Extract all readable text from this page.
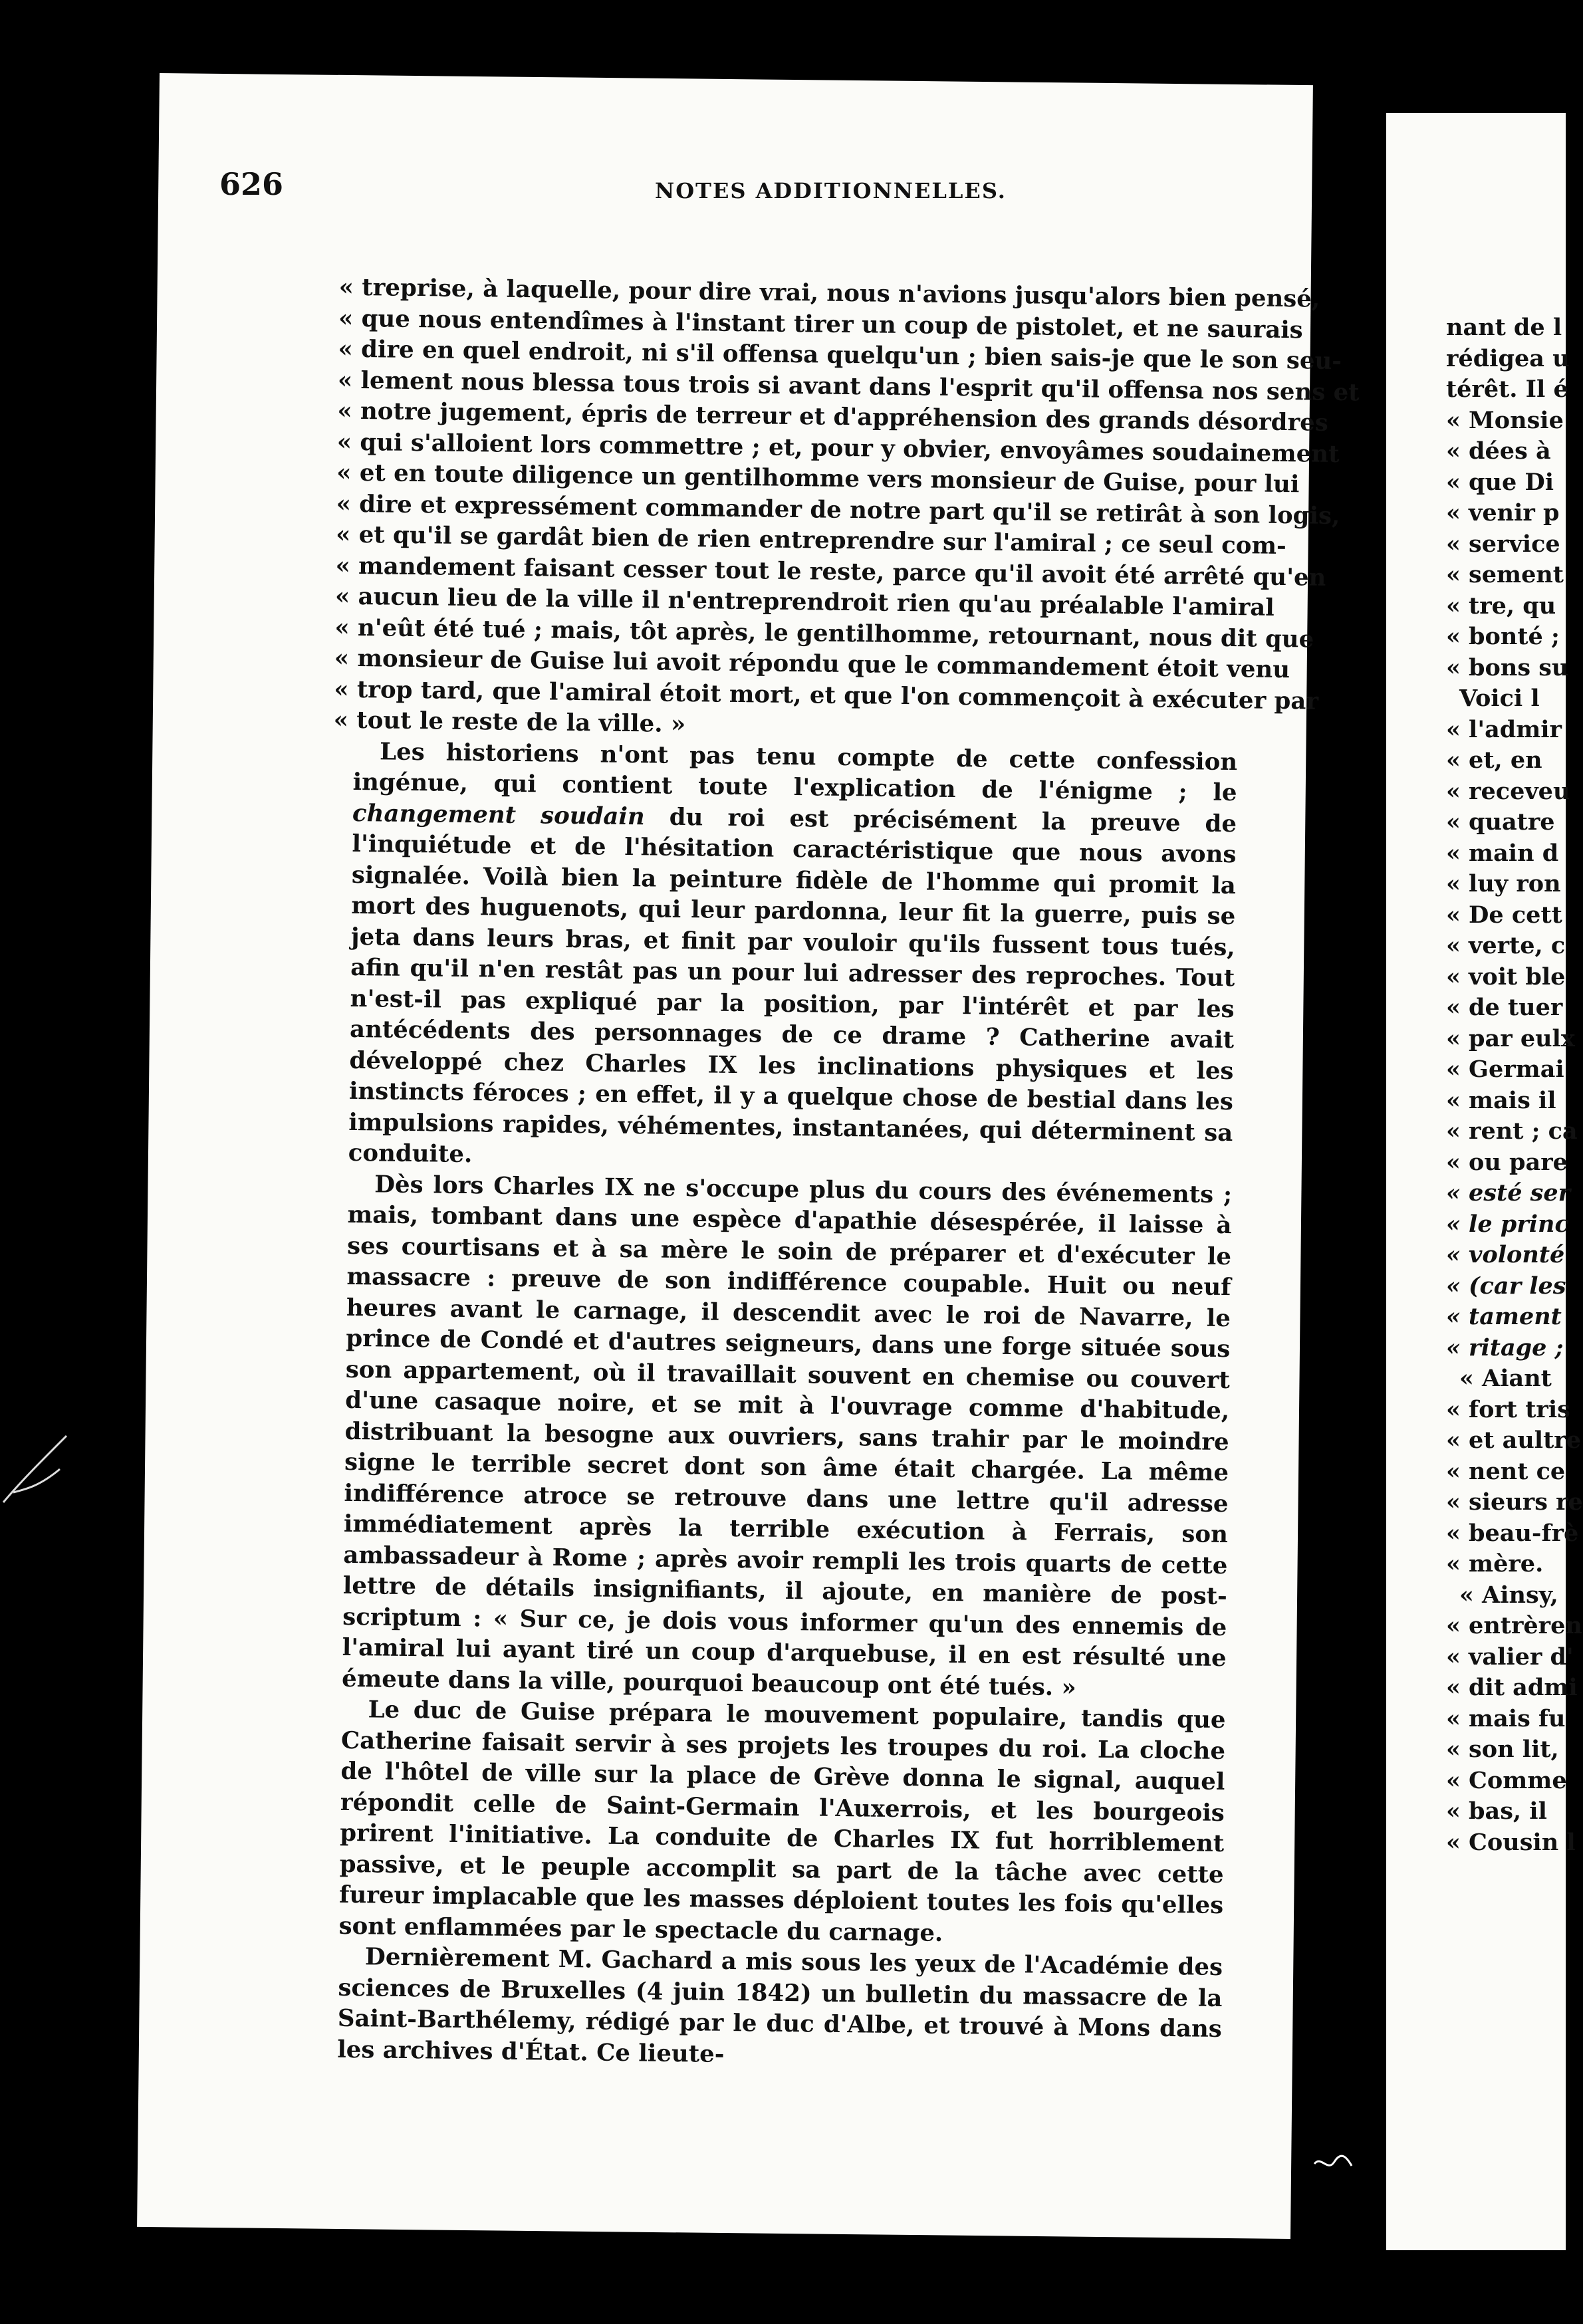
626	NOTES ADDITIONNELLES.
« treprise, à laquelle, pour dire vrai, nous n'avions jusqu'alors bien pensé,
« que nous entendîmes à l'instant tirer un coup de pistolet, et ne saurais
« dire en quel endroit, ni s'il offensa quelqu'un ; bien sais-je que le son seu-
« lement nous blessa tous trois si avant dans l'esprit qu'il offensa nos sens et
« notre jugement, épris de terreur et d'appréhension des grands désordres
« qui s'alloient lors commettre ; et, pour y obvier, envoyâmes soudainement
« et en toute diligence un gentilhomme vers monsieur de Guise, pour lui
« dire et expressément commander de notre part qu'il se retirât à son logis,
« et qu'il se gardât bien de rien entreprendre sur l'amiral ; ce seul com-
« mandement faisant cesser tout le reste, parce qu'il avoit été arrêté qu'en
« aucun lieu de la ville il n'entreprendroit rien qu'au préalable l'amiral
« n'eût été tué ; mais, tôt après, le gentilhomme, retournant, nous dit que
« monsieur de Guise lui avoit répondu que le commandement étoit venu
« trop tard, que l'amiral étoit mort, et que l'on commençoit à exécuter par
« tout le reste de la ville. »

Les historiens n'ont pas tenu compte de cette confession ingénue, qui contient toute l'explication de l'énigme ; le changement soudain du roi est précisément la preuve de l'inquiétude et de l'hésitation caractéristique que nous avons signalée. Voilà bien la peinture fidèle de l'homme qui promit la mort des huguenots, qui leur pardonna, leur fit la guerre, puis se jeta dans leurs bras, et finit par vouloir qu'ils fussent tous tués, afin qu'il n'en restât pas un pour lui adresser des reproches. Tout n'est-il pas expliqué par la position, par l'intérêt et par les antécédents des personnages de ce drame ? Catherine avait développé chez Charles IX les inclinations physiques et les instincts féroces ; en effet, il y a quelque chose de bestial dans les impulsions rapides, véhémentes, instantanées, qui déterminent sa conduite.

Dès lors Charles IX ne s'occupe plus du cours des événements ; mais, tombant dans une espèce d'apathie désespérée, il laisse à ses courtisans et à sa mère le soin de préparer et d'exécuter le massacre : preuve de son indifférence coupable. Huit ou neuf heures avant le carnage, il descendit avec le roi de Navarre, le prince de Condé et d'autres seigneurs, dans une forge située sous son appartement, où il travaillait souvent en chemise ou couvert d'une casaque noire, et se mit à l'ouvrage comme d'habitude, distribuant la besogne aux ouvriers, sans trahir par le moindre signe le terrible secret dont son âme était chargée. La même indifférence atroce se retrouve dans une lettre qu'il adresse immédiatement après la terrible exécution à Ferrais, son ambassadeur à Rome ; après avoir rempli les trois quarts de cette lettre de détails insignifiants, il ajoute, en manière de post-scriptum : « Sur ce, je dois vous informer qu'un des ennemis de l'amiral lui ayant tiré un coup d'arquebuse, il en est résulté une émeute dans la ville, pourquoi beaucoup ont été tués. »

Le duc de Guise prépara le mouvement populaire, tandis que Catherine faisait servir à ses projets les troupes du roi. La cloche de l'hôtel de ville sur la place de Grève donna le signal, auquel répondit celle de Saint-Germain l'Auxerrois, et les bourgeois prirent l'initiative. La conduite de Charles IX fut horriblement passive, et le peuple accomplit sa part de la tâche avec cette fureur implacable que les masses déploient toutes les fois qu'elles sont enflammées par le spectacle du carnage.

Dernièrement M. Gachard a mis sous les yeux de l'Académie des sciences de Bruxelles (4 juin 1842) un bulletin du massacre de la Saint-Barthélemy, rédigé par le duc d'Albe, et trouvé à Mons dans les archives d'État. Ce lieute-

nant de l
rédigea u
térêt. Il é
« Monsie
« dées à
« que Di
« venir p
« service
« sement
« tre, qu
« bonté ;
« bons su
Voici l
« l'admir
« et, en
« receveu
« quatre
« main d
« luy ron
« De cett
« verte, c
« voit ble
« de tuer
« par eulx
« Germai
« mais il
« rent ; ca
« ou pare
« esté ser
« le princ
« volonté
« (car les
« tament
« ritage ;
« Aiant
« fort tris
« et aultre
« nent ce
« sieurs re
« beau-frè
« mère.
« Ainsy,
« entrèren
« valier d'
« dit admi
« mais fu
« son lit,
« Comme
« bas, il
« Cousin l
